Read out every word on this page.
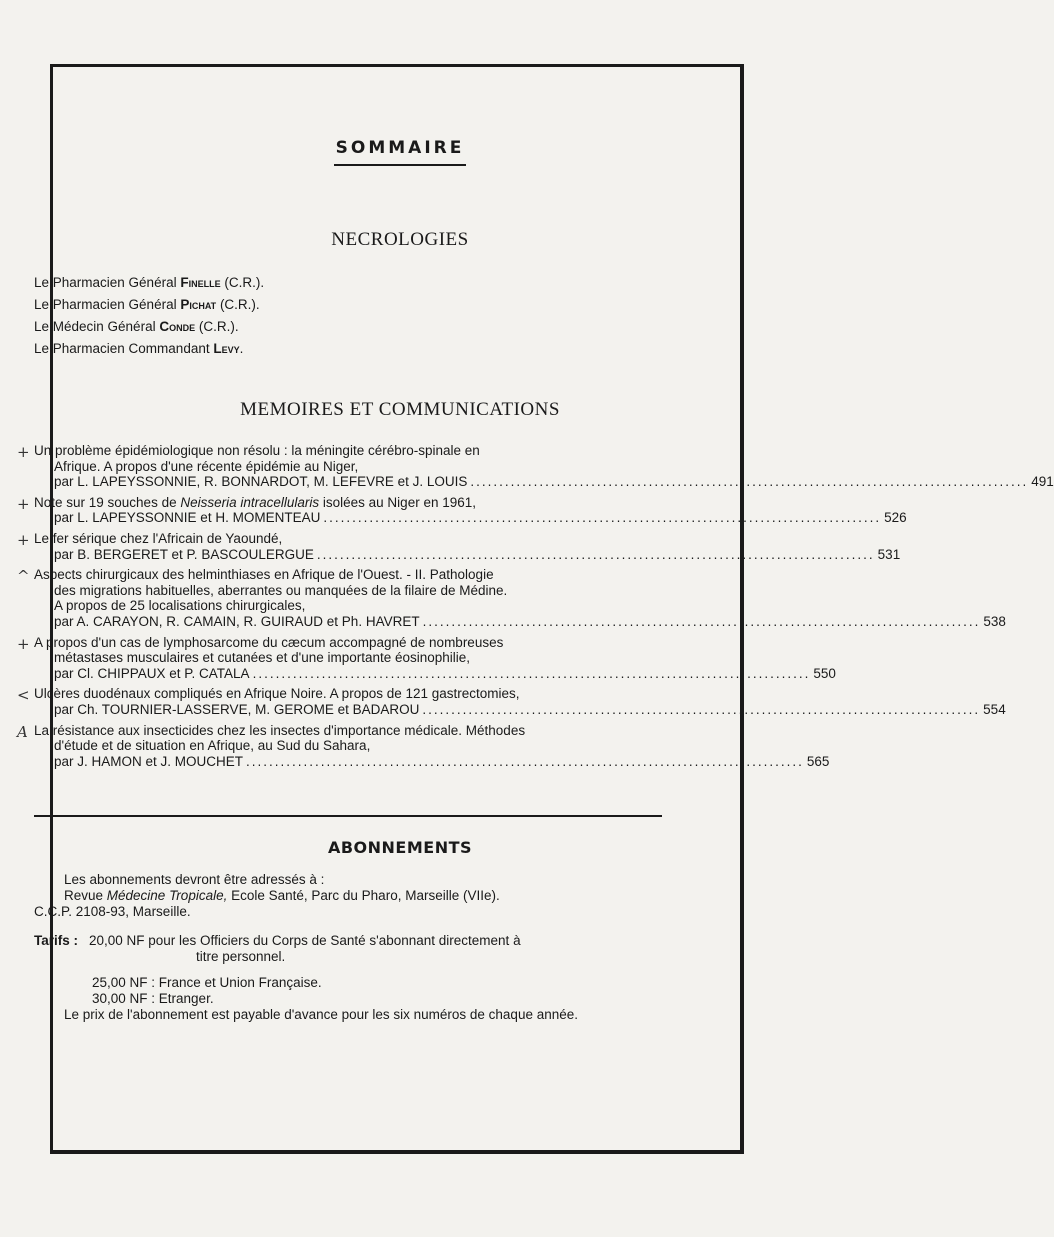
SOMMAIRE
NECROLOGIES
Le Pharmacien Général Finelle (C.R.).
Le Pharmacien Général Pichat (C.R.).
Le Médecin Général Conde (C.R.).
Le Pharmacien Commandant Levy.
MEMOIRES ET COMMUNICATIONS
+ Un problème épidémiologique non résolu : la méningite cérébro-spinale en
Afrique. A propos d'une récente épidémie au Niger,
par L. LAPEYSSONNIE, R. BONNARDOT, M. LEFEVRE et J. LOUIS ................................................................................................. 491
+ Note sur 19 souches de Neisseria intracellularis isolées au Niger en 1961,
par L. LAPEYSSONNIE et H. MOMENTEAU ................................................................................................. 526
+ Le fer sérique chez l'Africain de Yaoundé,
par B. BERGERET et P. BASCOULERGUE ................................................................................................. 531
^ Aspects chirurgicaux des helminthiases en Afrique de l'Ouest. - II. Pathologie
des migrations habituelles, aberrantes ou manquées de la filaire de Médine.
A propos de 25 localisations chirurgicales,
par A. CARAYON, R. CAMAIN, R. GUIRAUD et Ph. HAVRET ................................................................................................. 538
+ A propos d'un cas de lymphosarcome du cæcum accompagné de nombreuses
métastases musculaires et cutanées et d'une importante éosinophilie,
par Cl. CHIPPAUX et P. CATALA ................................................................................................. 550
< Ulcères duodénaux compliqués en Afrique Noire. A propos de 121 gastrectomies,
par Ch. TOURNIER-LASSERVE, M. GEROME et BADAROU ................................................................................................. 554
A La résistance aux insecticides chez les insectes d'importance médicale. Méthodes
d'étude et de situation en Afrique, au Sud du Sahara,
par J. HAMON et J. MOUCHET ................................................................................................. 565
ABONNEMENTS

Les abonnements devront être adressés à :

Revue Médecine Tropicale, Ecole Santé, Parc du Pharo, Marseille (VIIe).

C.C.P. 2108-93, Marseille.

Tarifs : 20,00 NF pour les Officiers du Corps de Santé s'abonnant directement à
titre personnel.
25,00 NF : France et Union Française.
30,00 NF : Etranger.

Le prix de l'abonnement est payable d'avance pour les six numéros de chaque année.
